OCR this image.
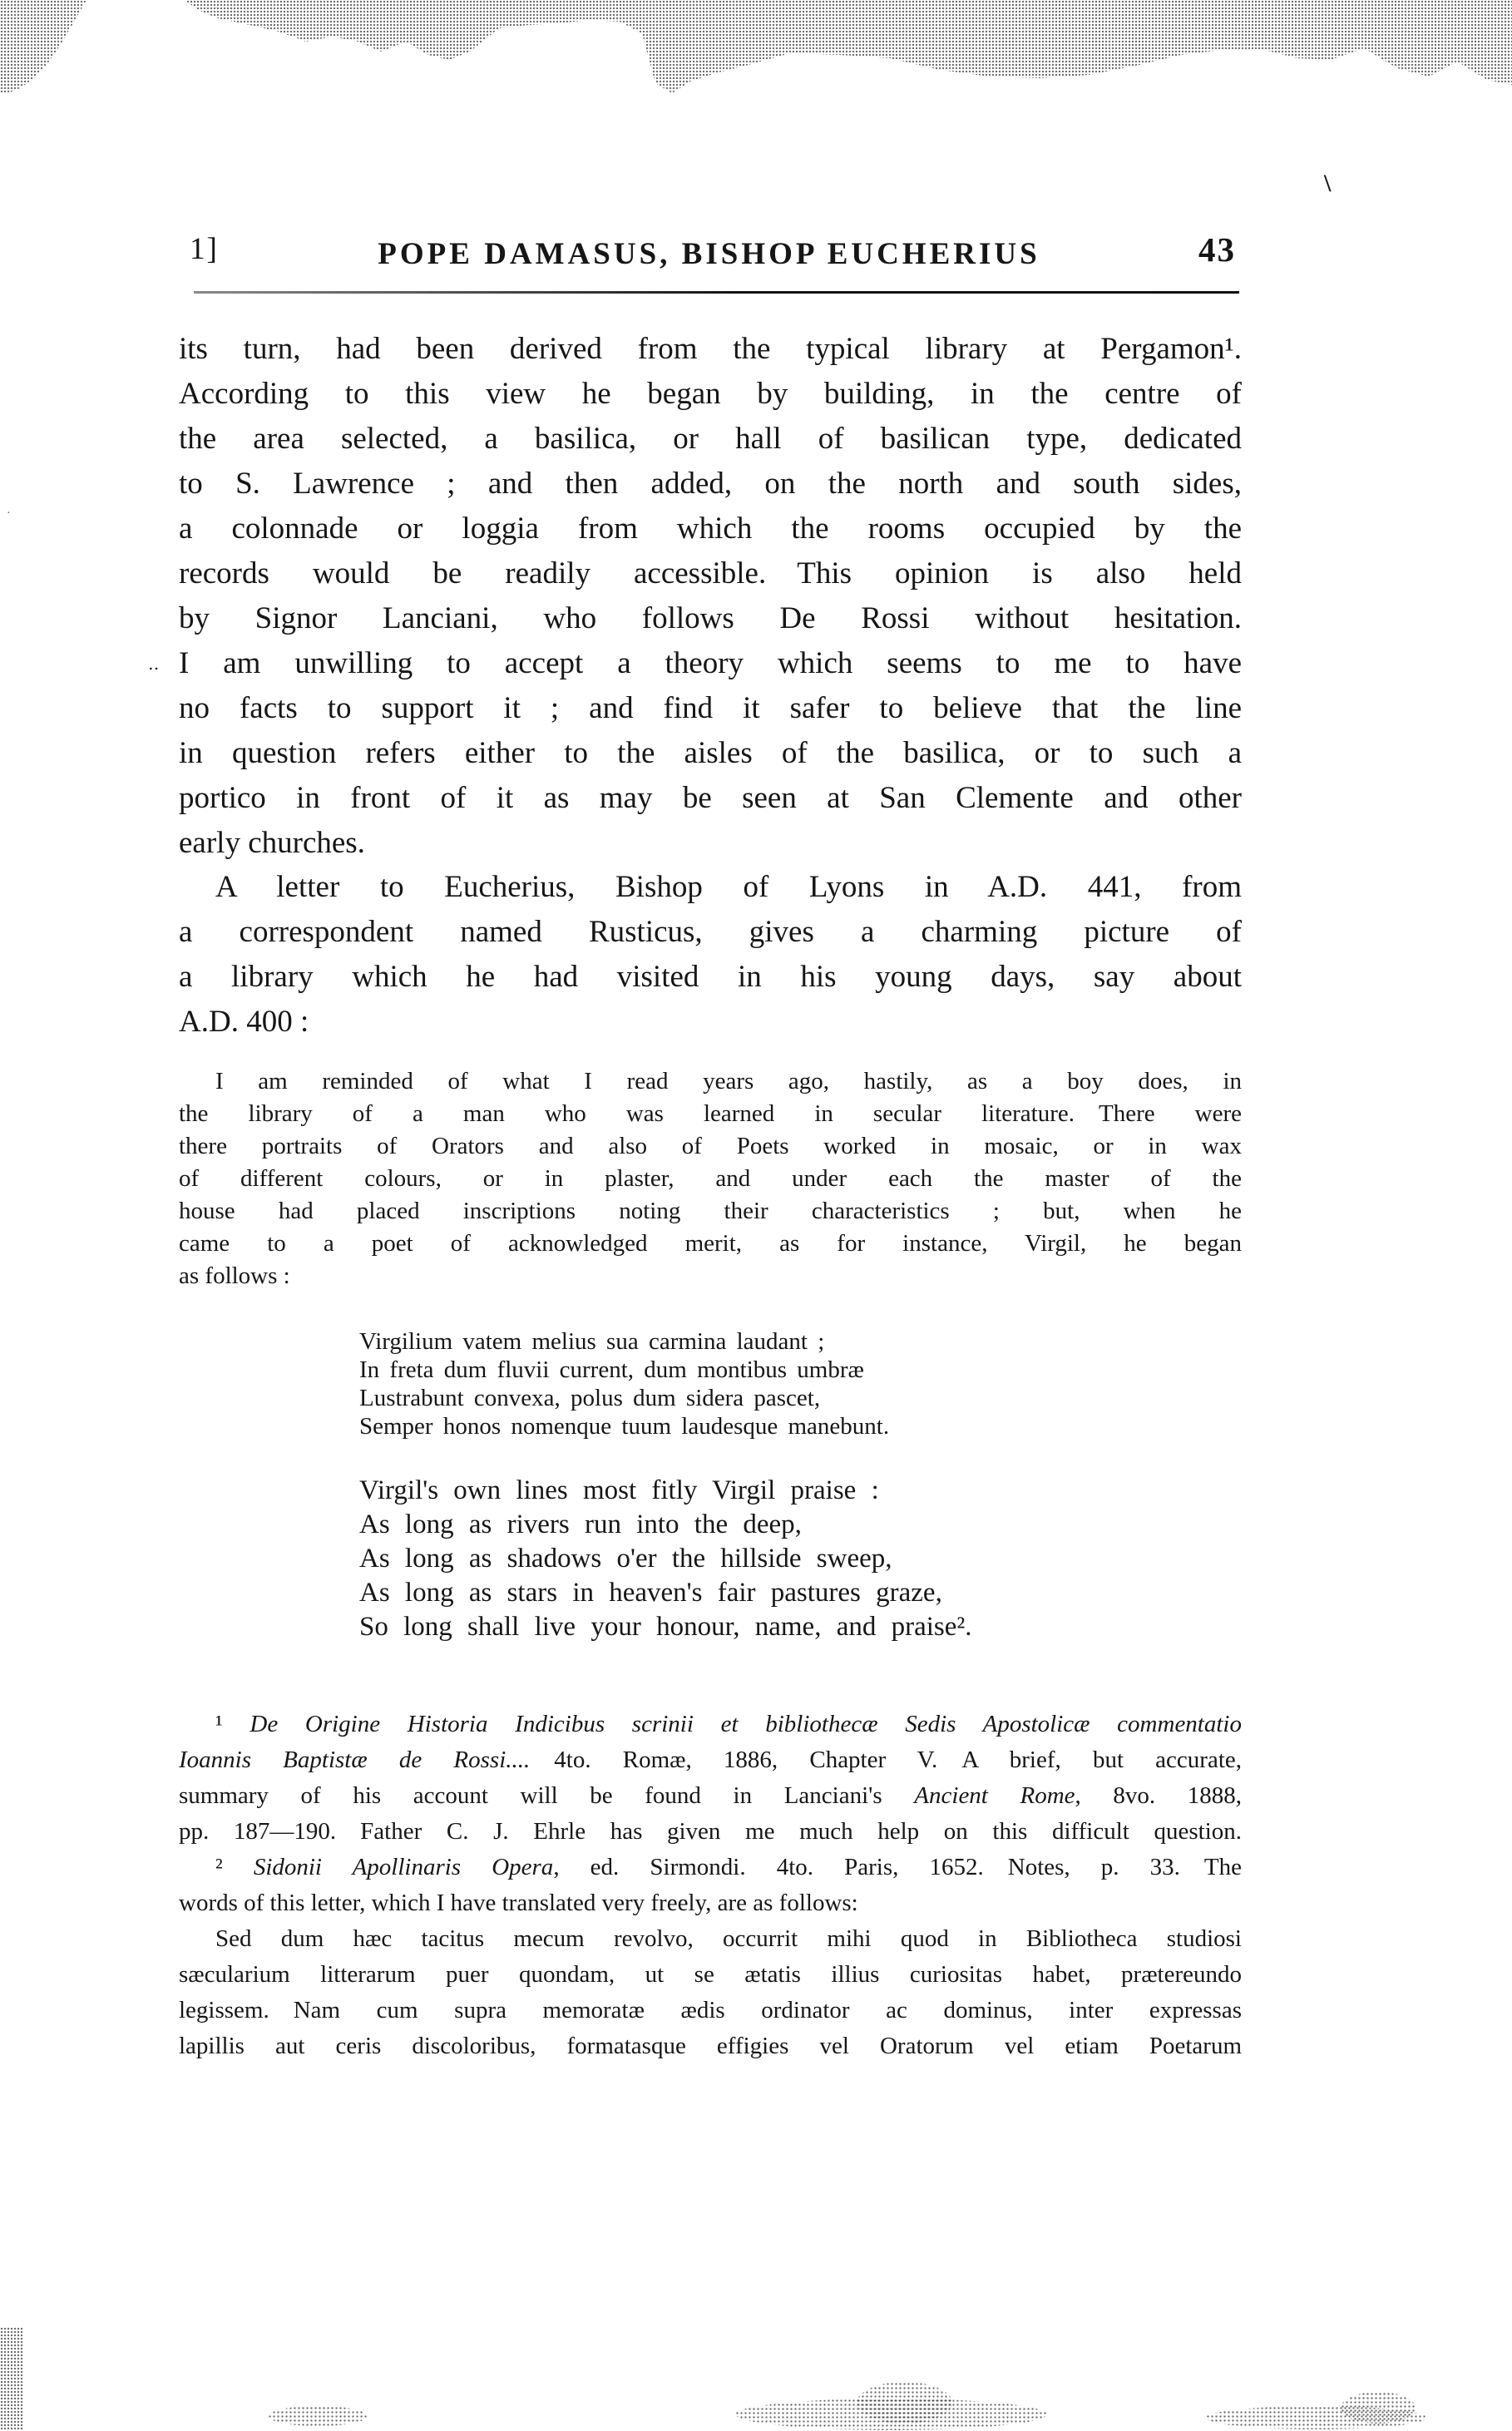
\
‥
·
1]	POPE DAMASUS, BISHOP EUCHERIUS	43
its turn, had been derived from the typical library at Pergamon¹.
According to this view he began by building, in the centre of
the area selected, a basilica, or hall of basilican type, dedicated
to S. Lawrence ; and then added, on the north and south sides,
a colonnade or loggia from which the rooms occupied by the
records would be readily accessible. This opinion is also held
by Signor Lanciani, who follows De Rossi without hesitation.
I am unwilling to accept a theory which seems to me to have
no facts to support it ; and find it safer to believe that the line
in question refers either to the aisles of the basilica, or to such a
portico in front of it as may be seen at San Clemente and other
early churches.
A letter to Eucherius, Bishop of Lyons in A.D. 441, from
a correspondent named Rusticus, gives a charming picture of
a library which he had visited in his young days, say about
A.D. 400 :
I am reminded of what I read years ago, hastily, as a boy does, in
the library of a man who was learned in secular literature. There were
there portraits of Orators and also of Poets worked in mosaic, or in wax
of different colours, or in plaster, and under each the master of the
house had placed inscriptions noting their characteristics ; but, when he
came to a poet of acknowledged merit, as for instance, Virgil, he began
as follows :
Virgilium vatem melius sua carmina laudant ;
In freta dum fluvii current, dum montibus umbræ
Lustrabunt convexa, polus dum sidera pascet,
Semper honos nomenque tuum laudesque manebunt.
Virgil's own lines most fitly Virgil praise :
As long as rivers run into the deep,
As long as shadows o'er the hillside sweep,
As long as stars in heaven's fair pastures graze,
So long shall live your honour, name, and praise².
¹ De Origine Historia Indicibus scrinii et bibliothecæ Sedis Apostolicæ commentatio
Ioannis Baptistæ de Rossi.... 4to. Romæ, 1886, Chapter V. A brief, but accurate,
summary of his account will be found in Lanciani's Ancient Rome, 8vo. 1888,
pp. 187—190. Father C. J. Ehrle has given me much help on this difficult question.
² Sidonii Apollinaris Opera, ed. Sirmondi. 4to. Paris, 1652. Notes, p. 33. The
words of this letter, which I have translated very freely, are as follows:
Sed dum hæc tacitus mecum revolvo, occurrit mihi quod in Bibliotheca studiosi
sæcularium litterarum puer quondam, ut se ætatis illius curiositas habet, prætereundo
legissem. Nam cum supra memoratæ ædis ordinator ac dominus, inter expressas
lapillis aut ceris discoloribus, formatasque effigies vel Oratorum vel etiam Poetarum
